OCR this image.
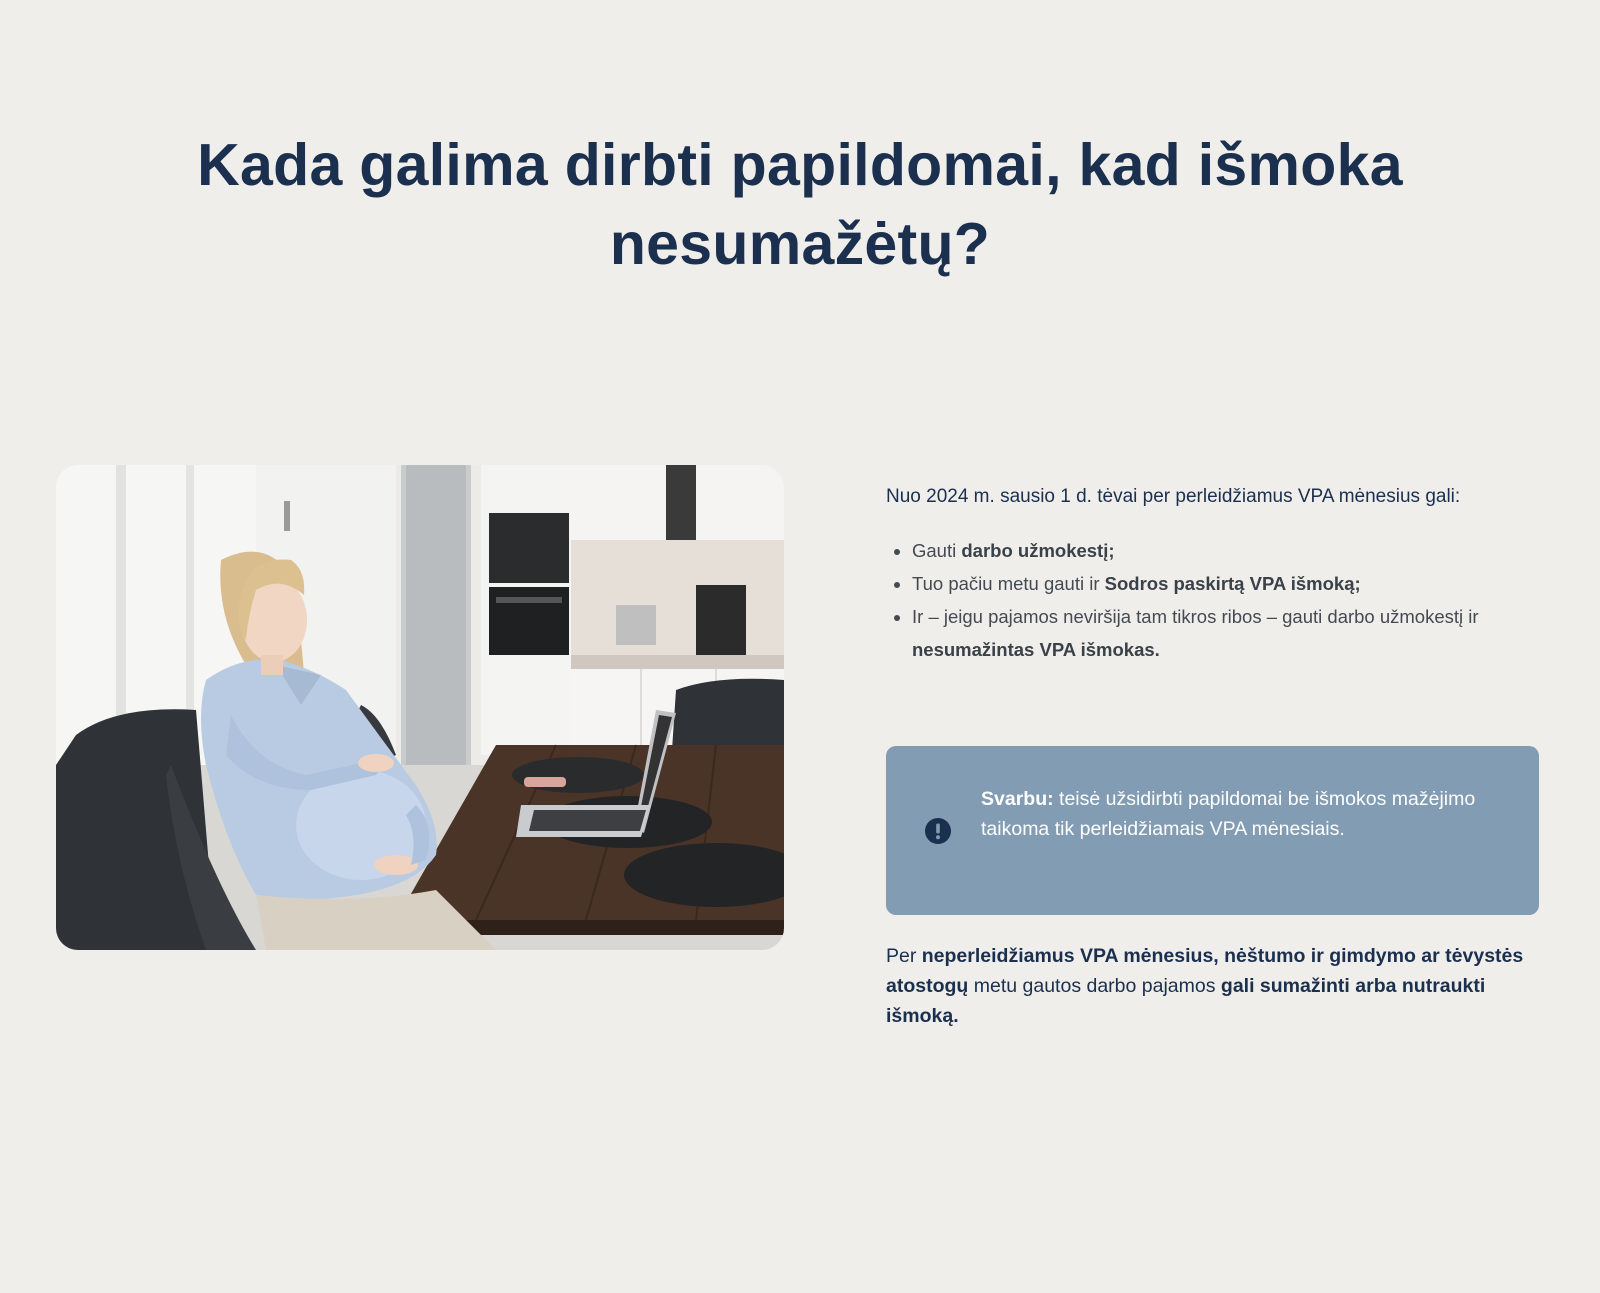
Kada galima dirbti papildomai, kad išmoka nesumažėtų?

Nuo 2024 m. sausio 1 d. tėvai per perleidžiamus VPA mėnesius gali:

• Gauti darbo užmokestį;
• Tuo pačiu metu gauti ir Sodros paskirtą VPA išmoką;
• Ir – jeigu pajamos neviršija tam tikros ribos – gauti darbo užmokestį ir nesumažintas VPA išmokas.

Svarbu: teisė užsidirbti papildomai be išmokos mažėjimo taikoma tik perleidžiamais VPA mėnesiais.

Per neperleidžiamus VPA mėnesius, nėštumo ir gimdymo ar tėvystės atostogų metu gautos darbo pajamos gali sumažinti arba nutraukti išmoką.
